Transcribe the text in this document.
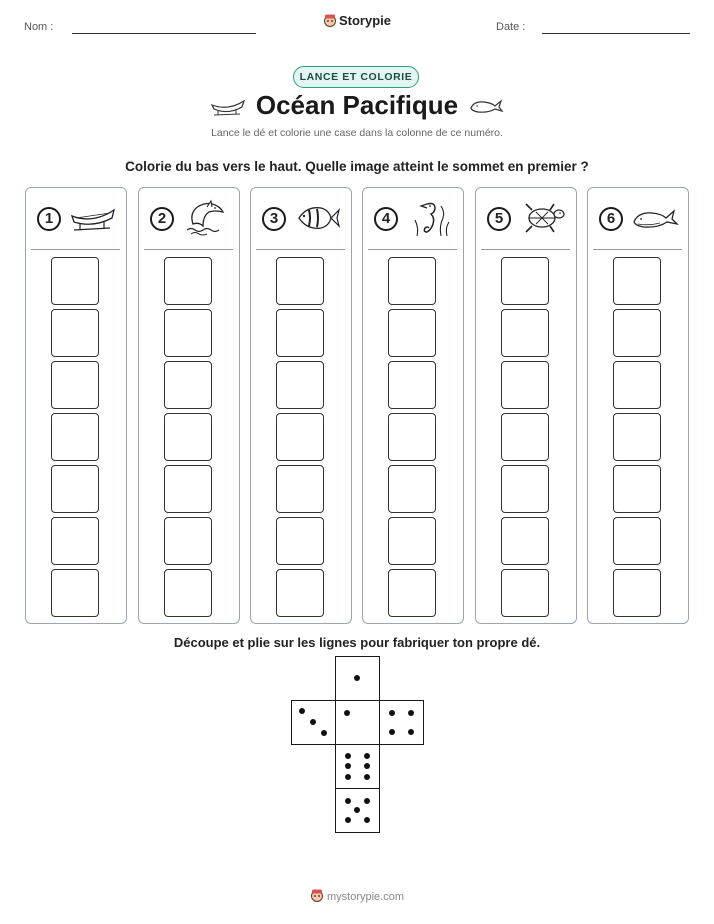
Nom :	Storypie	Date :
LANCE ET COLORIE
Océan Pacifique
Lance le dé et colorie une case dans la colonne de ce numéro.
Colorie du bas vers le haut. Quelle image atteint le sommet en premier ?
1	2	3	4	5	6
Découpe et plie sur les lignes pour fabriquer ton propre dé.
mystorypie.com
